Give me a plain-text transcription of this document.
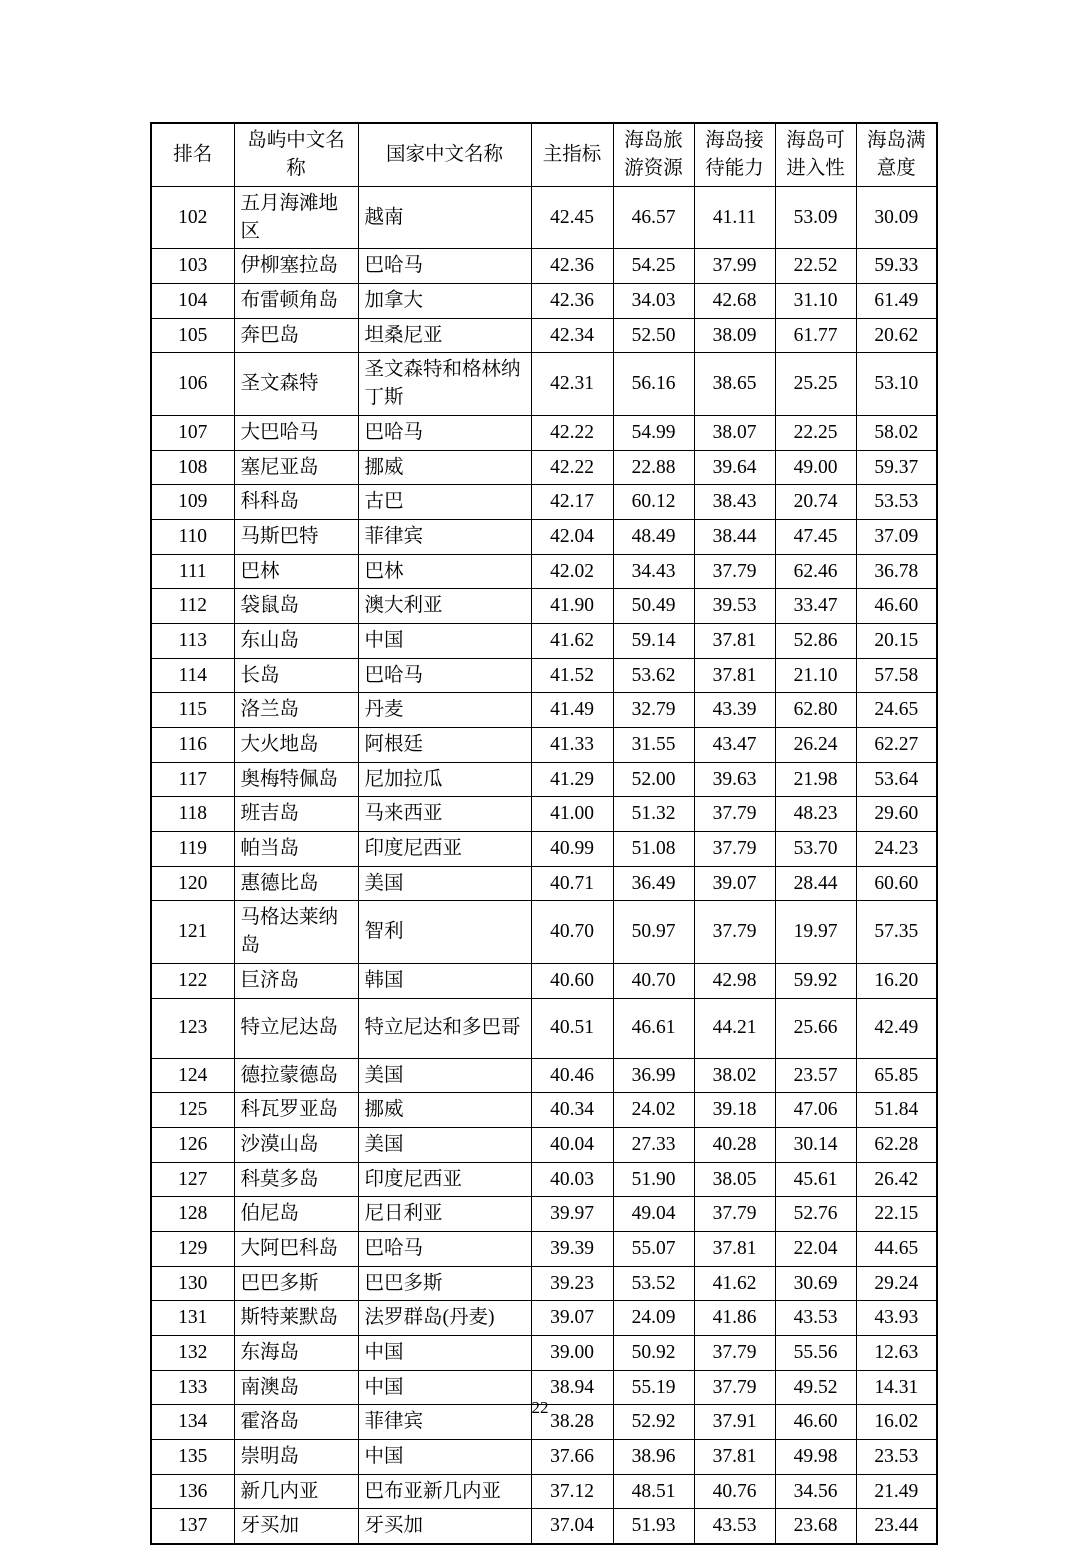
排名	岛屿中文名称	国家中文名称	主指标	海岛旅游资源	海岛接待能力	海岛可进入性	海岛满意度
102	五月海滩地区	越南	42.45	46.57	41.11	53.09	30.09
103	伊柳塞拉岛	巴哈马	42.36	54.25	37.99	22.52	59.33
104	布雷顿角岛	加拿大	42.36	34.03	42.68	31.10	61.49
105	奔巴岛	坦桑尼亚	42.34	52.50	38.09	61.77	20.62
106	圣文森特	圣文森特和格林纳丁斯	42.31	56.16	38.65	25.25	53.10
107	大巴哈马	巴哈马	42.22	54.99	38.07	22.25	58.02
108	塞尼亚岛	挪威	42.22	22.88	39.64	49.00	59.37
109	科科岛	古巴	42.17	60.12	38.43	20.74	53.53
110	马斯巴特	菲律宾	42.04	48.49	38.44	47.45	37.09
111	巴林	巴林	42.02	34.43	37.79	62.46	36.78
112	袋鼠岛	澳大利亚	41.90	50.49	39.53	33.47	46.60
113	东山岛	中国	41.62	59.14	37.81	52.86	20.15
114	长岛	巴哈马	41.52	53.62	37.81	21.10	57.58
115	洛兰岛	丹麦	41.49	32.79	43.39	62.80	24.65
116	大火地岛	阿根廷	41.33	31.55	43.47	26.24	62.27
117	奥梅特佩岛	尼加拉瓜	41.29	52.00	39.63	21.98	53.64
118	班吉岛	马来西亚	41.00	51.32	37.79	48.23	29.60
119	帕当岛	印度尼西亚	40.99	51.08	37.79	53.70	24.23
120	惠德比岛	美国	40.71	36.49	39.07	28.44	60.60
121	马格达莱纳岛	智利	40.70	50.97	37.79	19.97	57.35
122	巨济岛	韩国	40.60	40.70	42.98	59.92	16.20
123	特立尼达岛	特立尼达和多巴哥	40.51	46.61	44.21	25.66	42.49
124	德拉蒙德岛	美国	40.46	36.99	38.02	23.57	65.85
125	科瓦罗亚岛	挪威	40.34	24.02	39.18	47.06	51.84
126	沙漠山岛	美国	40.04	27.33	40.28	30.14	62.28
127	科莫多岛	印度尼西亚	40.03	51.90	38.05	45.61	26.42
128	伯尼岛	尼日利亚	39.97	49.04	37.79	52.76	22.15
129	大阿巴科岛	巴哈马	39.39	55.07	37.81	22.04	44.65
130	巴巴多斯	巴巴多斯	39.23	53.52	41.62	30.69	29.24
131	斯特莱默岛	法罗群岛(丹麦)	39.07	24.09	41.86	43.53	43.93
132	东海岛	中国	39.00	50.92	37.79	55.56	12.63
133	南澳岛	中国	38.94	55.19	37.79	49.52	14.31
134	霍洛岛	菲律宾	38.28	52.92	37.91	46.60	16.02
135	崇明岛	中国	37.66	38.96	37.81	49.98	23.53
136	新几内亚	巴布亚新几内亚	37.12	48.51	40.76	34.56	21.49
137	牙买加	牙买加	37.04	51.93	43.53	23.68	23.44
22
